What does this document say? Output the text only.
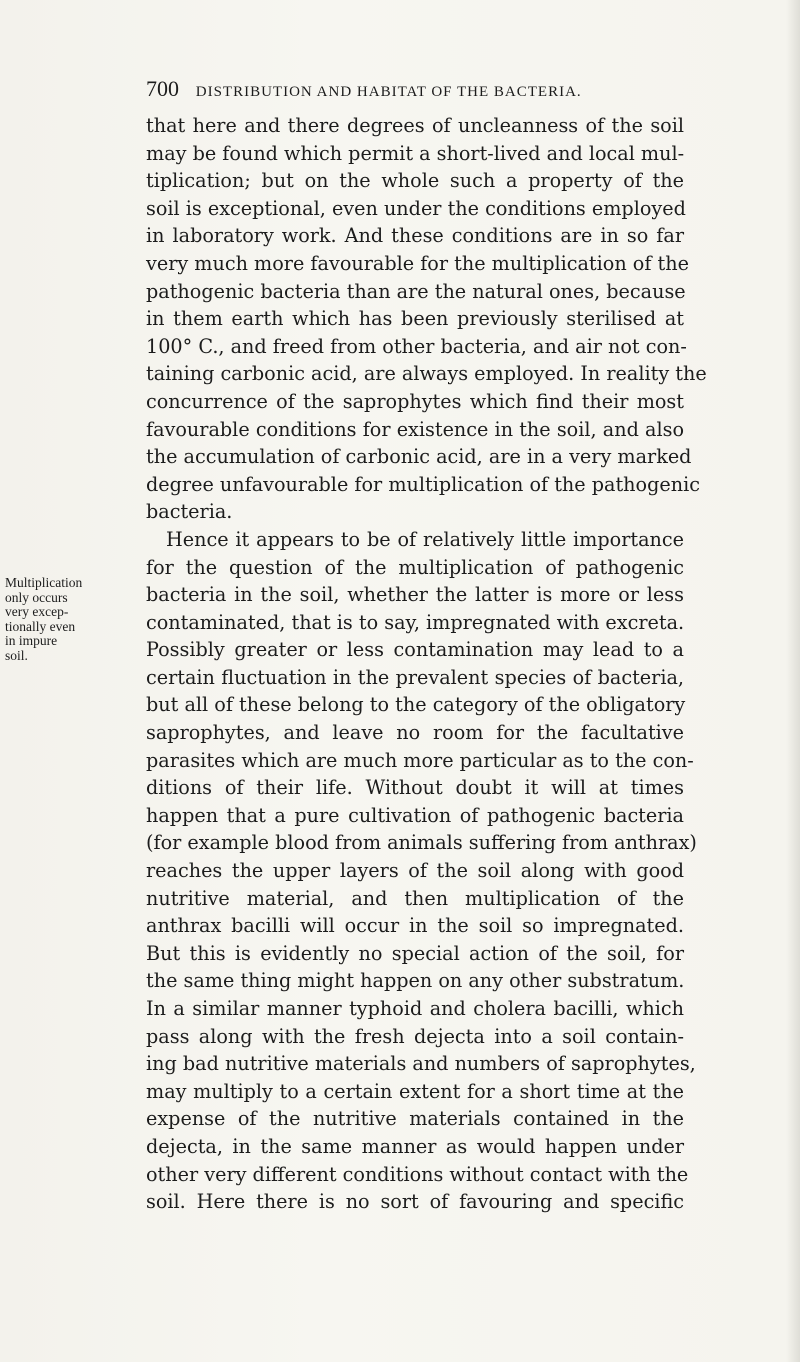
700 DISTRIBUTION AND HABITAT OF THE BACTERIA.
Multiplication
only occurs
very excep-
tionally even
in impure
soil.
that here and there degrees of uncleanness of the soil
may be found which permit a short-lived and local mul-
tiplication; but on the whole such a property of the
soil is exceptional, even under the conditions employed
in laboratory work. And these conditions are in so far
very much more favourable for the multiplication of the
pathogenic bacteria than are the natural ones, because
in them earth which has been previously sterilised at
100° C., and freed from other bacteria, and air not con-
taining carbonic acid, are always employed. In reality the
concurrence of the saprophytes which find their most
favourable conditions for existence in the soil, and also
the accumulation of carbonic acid, are in a very marked
degree unfavourable for multiplication of the pathogenic
bacteria.
Hence it appears to be of relatively little importance
for the question of the multiplication of pathogenic
bacteria in the soil, whether the latter is more or less
contaminated, that is to say, impregnated with excreta.
Possibly greater or less contamination may lead to a
certain fluctuation in the prevalent species of bacteria,
but all of these belong to the category of the obligatory
saprophytes, and leave no room for the facultative
parasites which are much more particular as to the con-
ditions of their life. Without doubt it will at times
happen that a pure cultivation of pathogenic bacteria
(for example blood from animals suffering from anthrax)
reaches the upper layers of the soil along with good
nutritive material, and then multiplication of the
anthrax bacilli will occur in the soil so impregnated.
But this is evidently no special action of the soil, for
the same thing might happen on any other substratum.
In a similar manner typhoid and cholera bacilli, which
pass along with the fresh dejecta into a soil contain-
ing bad nutritive materials and numbers of saprophytes,
may multiply to a certain extent for a short time at the
expense of the nutritive materials contained in the
dejecta, in the same manner as would happen under
other very different conditions without contact with the
soil. Here there is no sort of favouring and specific
